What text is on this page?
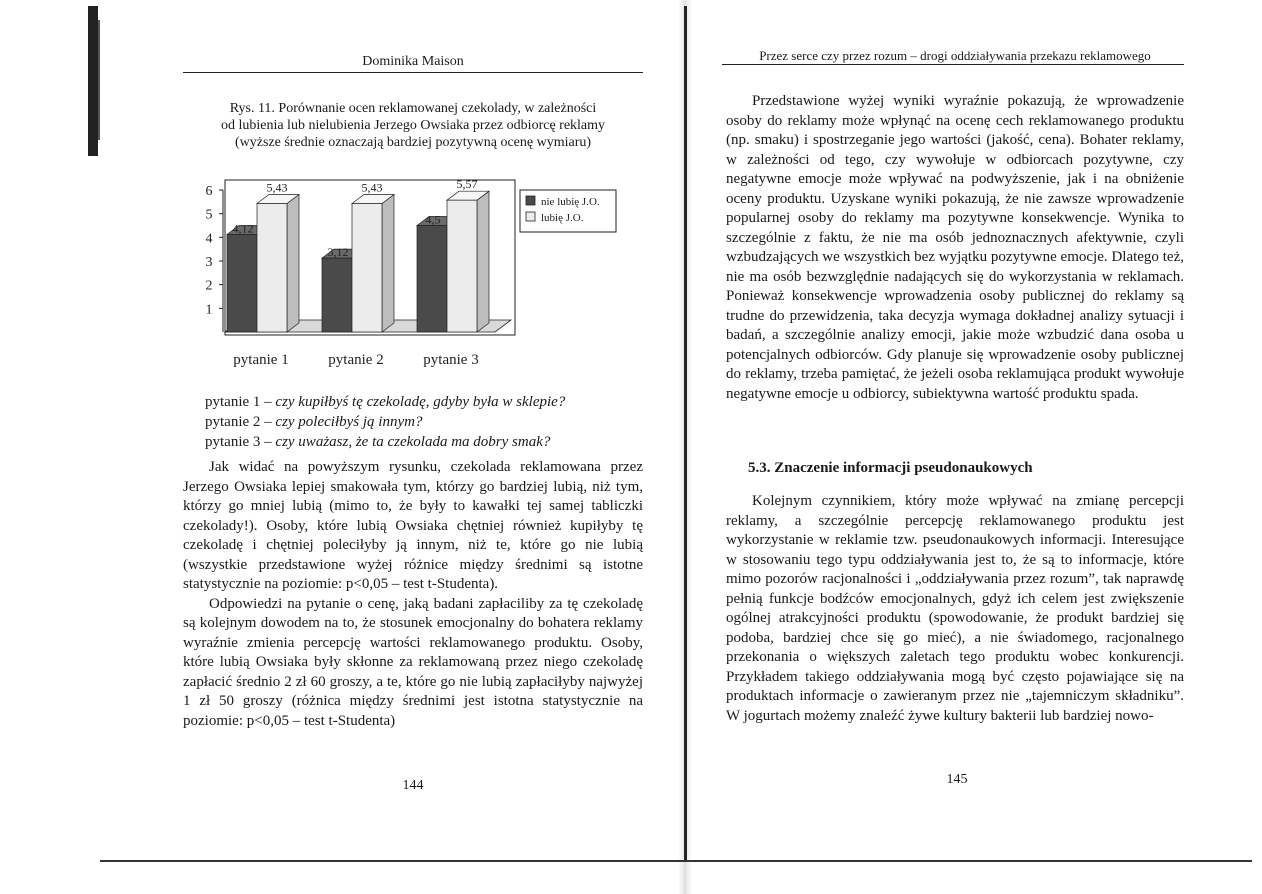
Dominika Maison
Rys. 11. Porównanie ocen reklamowanej czekolady, w zależności
od lubienia lub nielubienia Jerzego Owsiaka przez odbiorcę reklamy
(wyższe średnie oznaczają bardziej pozytywną ocenę wymiaru)
1
2
3
4
5
6
4,12
5,43
3,12
5,43
4,5
5,57
pytanie 1	pytanie 2	pytanie 3
nie lubię J.O.
lubię J.O.
pytanie 1 – czy kupiłbyś tę czekoladę, gdyby była w sklepie?
pytanie 2 – czy poleciłbyś ją innym?
pytanie 3 – czy uważasz, że ta czekolada ma dobry smak?

Jak widać na powyższym rysunku, czekolada reklamowana przez Jerzego Owsiaka lepiej smakowała tym, którzy go bardziej lubią, niż tym, którzy go mniej lubią (mimo to, że były to kawałki tej samej tabliczki czekolady!). Osoby, które lubią Owsiaka chętniej również kupiłyby tę czekoladę i chętniej poleciłyby ją innym, niż te, które go nie lubią (wszystkie przedstawione wyżej różnice między średnimi są istotne statystycznie na poziomie: p<0,05 – test t-Studenta).

Odpowiedzi na pytanie o cenę, jaką badani zapłaciliby za tę czekoladę są kolejnym dowodem na to, że stosunek emocjonalny do bohatera reklamy wyraźnie zmienia percepcję wartości reklamowanego produktu. Osoby, które lubią Owsiaka były skłonne za reklamowaną przez niego czekoladę zapłacić średnio 2 zł 60 groszy, a te, które go nie lubią zapłaciłyby najwyżej 1 zł 50 groszy (różnica między średnimi jest istotna statystycznie na poziomie: p<0,05 – test t-Studenta)

144
Przez serce czy przez rozum – drogi oddziaływania przekazu reklamowego

Przedstawione wyżej wyniki wyraźnie pokazują, że wprowadzenie osoby do reklamy może wpłynąć na ocenę cech reklamowanego produktu (np. smaku) i spostrzeganie jego wartości (jakość, cena). Bohater reklamy, w zależności od tego, czy wywołuje w odbiorcach pozytywne, czy negatywne emocje może wpływać na podwyższenie, jak i na obniżenie oceny produktu. Uzyskane wyniki pokazują, że nie zawsze wprowadzenie popularnej osoby do reklamy ma pozytywne konsekwencje. Wynika to szczególnie z faktu, że nie ma osób jednoznacznych afektywnie, czyli wzbudzających we wszystkich bez wyjątku pozytywne emocje. Dlatego też, nie ma osób bezwzględnie nadających się do wykorzystania w reklamach. Ponieważ konsekwencje wprowadzenia osoby publicznej do reklamy są trudne do przewidzenia, taka decyzja wymaga dokładnej analizy sytuacji i badań, a szczególnie analizy emocji, jakie może wzbudzić dana osoba u potencjalnych odbiorców. Gdy planuje się wprowadzenie osoby publicznej do reklamy, trzeba pamiętać, że jeżeli osoba reklamująca produkt wywołuje negatywne emocje u odbiorcy, subiektywna wartość produktu spada.

5.3. Znaczenie informacji pseudonaukowych

Kolejnym czynnikiem, który może wpływać na zmianę percepcji reklamy, a szczególnie percepcję reklamowanego produktu jest wykorzystanie w reklamie tzw. pseudonaukowych informacji. Interesujące w stosowaniu tego typu oddziaływania jest to, że są to informacje, które mimo pozorów racjonalności i „oddziaływania przez rozum”, tak naprawdę pełnią funkcje bodźców emocjonalnych, gdyż ich celem jest zwiększenie ogólnej atrakcyjności produktu (spowodowanie, że produkt bardziej się podoba, bardziej chce się go mieć), a nie świadomego, racjonalnego przekonania o większych zaletach tego produktu wobec konkurencji. Przykładem takiego oddziaływania mogą być często pojawiające się na produktach informacje o zawieranym przez nie „tajemniczym składniku”. W jogurtach możemy znaleźć żywe kultury bakterii lub bardziej nowo-

145
